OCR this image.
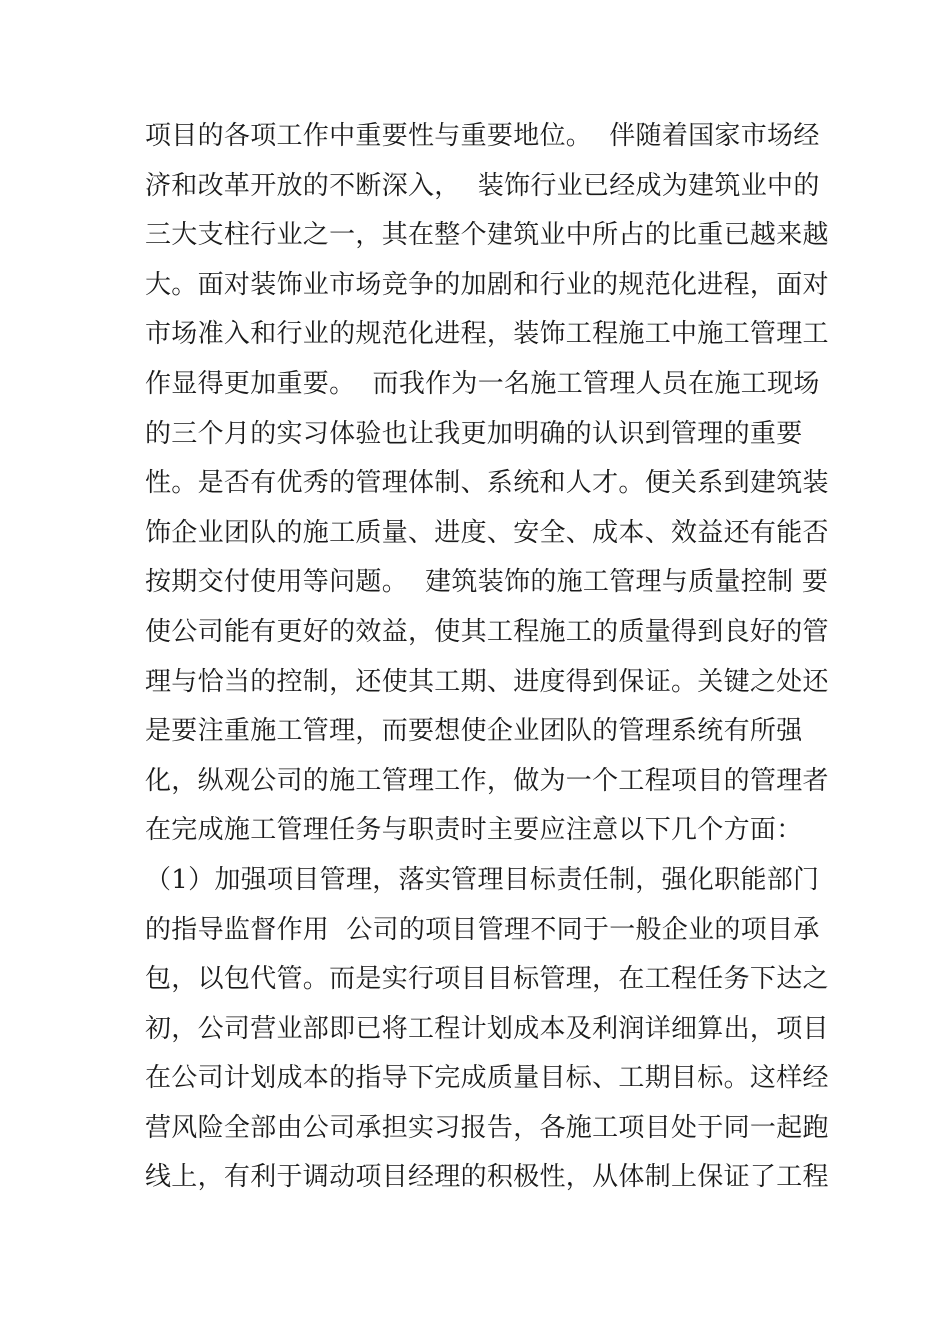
项目的各项工作中重要性与重要地位。  伴随着国家市场经
济和改革开放的不断深入，  装饰行业已经成为建筑业中的
三大支柱行业之一，其在整个建筑业中所占的比重已越来越
大。面对装饰业市场竞争的加剧和行业的规范化进程，面对
市场准入和行业的规范化进程，装饰工程施工中施工管理工
作显得更加重要。  而我作为一名施工管理人员在施工现场
的三个月的实习体验也让我更加明确的认识到管理的重要
性。是否有优秀的管理体制、系统和人才。便关系到建筑装
饰企业团队的施工质量、进度、安全、成本、效益还有能否
按期交付使用等问题。  建筑装饰的施工管理与质量控制 要
使公司能有更好的效益，使其工程施工的质量得到良好的管
理与恰当的控制，还使其工期、进度得到保证。关键之处还
是要注重施工管理，而要想使企业团队的管理系统有所强
化，纵观公司的施工管理工作，做为一个工程项目的管理者
在完成施工管理任务与职责时主要应注意以下几个方面：
（1）加强项目管理，落实管理目标责任制，强化职能部门
的指导监督作用  公司的项目管理不同于一般企业的项目承
包，以包代管。而是实行项目目标管理，在工程任务下达之
初，公司营业部即已将工程计划成本及利润详细算出，项目
在公司计划成本的指导下完成质量目标、工期目标。这样经
营风险全部由公司承担实习报告，各施工项目处于同一起跑
线上，有利于调动项目经理的积极性，从体制上保证了工程
